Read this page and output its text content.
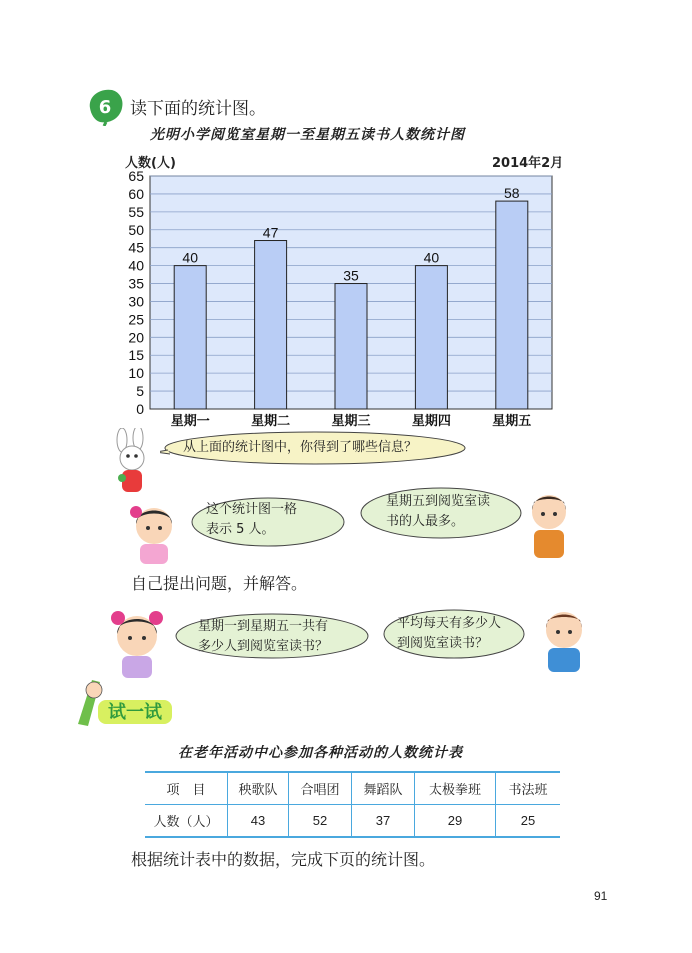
6 读下面的统计图。
光明小学阅览室星期一至星期五读书人数统计图
人数(人)	2014年2月
0
5
10
15
20
25
30
35
40
45
50
55
60
65
40
星期一
47
星期二
35
星期三
40
星期四
58
星期五
从上面的统计图中，你得到了哪些信息？
这个统计图一格
表示 5 人。
星期五到阅览室读
书的人最多。
自己提出问题，并解答。
星期一到星期五一共有
多少人到阅览室读书？
平均每天有多少人
到阅览室读书？
试一试
在老年活动中心参加各种活动的人数统计表
项　目	秧歌队	合唱团	舞蹈队	太极拳班	书法班
人数（人）	43	52	37	29	25
根据统计表中的数据，完成下页的统计图。
91
